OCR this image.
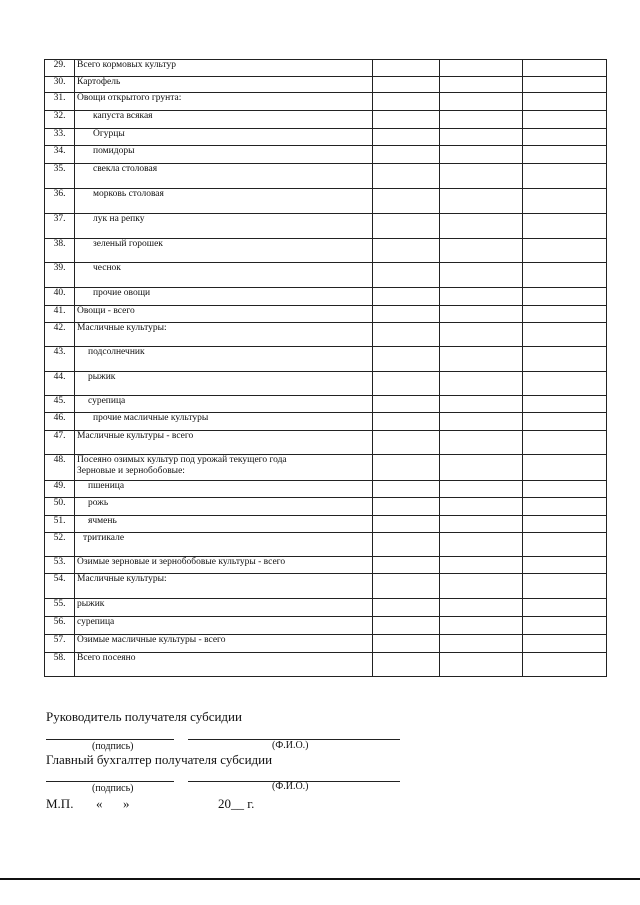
29.	Всего кормовых культур			
30.	Картофель			
31.	Овощи открытого грунта:			
32.	капуста всякая			
33.	Огурцы			
34.	помидоры			
35.	свекла столовая			
36.	морковь столовая			
37.	лук на репку			
38.	зеленый горошек			
39.	чеснок			
40.	прочие овощи			
41.	Овощи - всего			
42.	Масличные культуры:			
43.	подсолнечник			
44.	рыжик			
45.	сурепица			
46.	прочие масличные культуры			
47.	Масличные культуры - всего			
48.	Посеяно озимых культур под урожай текущего года
Зерновые и зернобобовые:			

49.	пшеница			
50.	рожь			
51.	ячмень			
52.	тритикале			
53.	Озимые зерновые и зернобобовые культуры - всего			
54.	Масличные культуры:			
55.	рыжик			
56.	сурепица			
57.	Озимые масличные культуры - всего			
58.	Всего посеяно			
Руководитель получателя субсидии
(подпись)	(Ф.И.О.)
Главный бухгалтер получателя субсидии
(подпись)	(Ф.И.О.)
М.П. « »	20__ г.
